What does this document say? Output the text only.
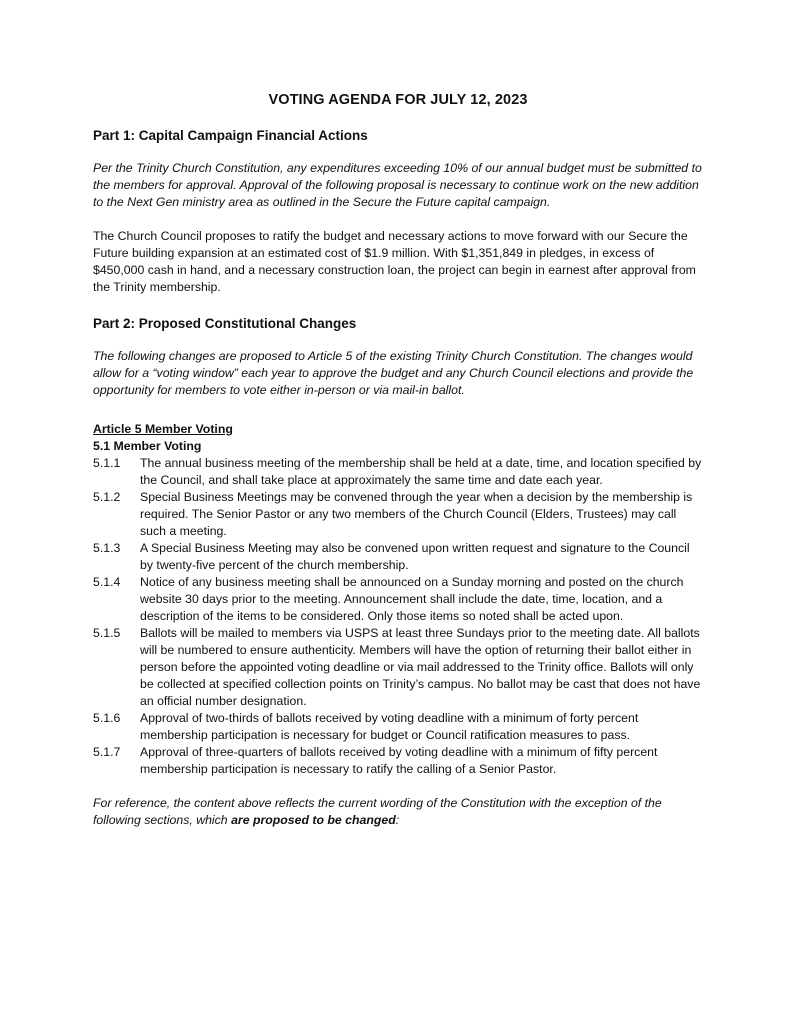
VOTING AGENDA FOR JULY 12, 2023
Part 1: Capital Campaign Financial Actions

Per the Trinity Church Constitution, any expenditures exceeding 10% of our annual budget must be submitted to the members for approval. Approval of the following proposal is necessary to continue work on the new addition to the Next Gen ministry area as outlined in the Secure the Future capital campaign.

The Church Council proposes to ratify the budget and necessary actions to move forward with our Secure the Future building expansion at an estimated cost of $1.9 million. With $1,351,849 in pledges, in excess of $450,000 cash in hand, and a necessary construction loan, the project can begin in earnest after approval from the Trinity membership.

Part 2: Proposed Constitutional Changes

The following changes are proposed to Article 5 of the existing Trinity Church Constitution. The changes would allow for a “voting window” each year to approve the budget and any Church Council elections and provide the opportunity for members to vote either in-person or via mail-in ballot.

Article 5 Member Voting
5.1 Member Voting
5.1.1	The annual business meeting of the membership shall be held at a date, time, and location specified by the Council, and shall take place at approximately the same time and date each year.
5.1.2	Special Business Meetings may be convened through the year when a decision by the membership is required. The Senior Pastor or any two members of the Church Council (Elders, Trustees) may call such a meeting.
5.1.3	A Special Business Meeting may also be convened upon written request and signature to the Council by twenty-five percent of the church membership.
5.1.4	Notice of any business meeting shall be announced on a Sunday morning and posted on the church website 30 days prior to the meeting. Announcement shall include the date, time, location, and a description of the items to be considered. Only those items so noted shall be acted upon.
5.1.5	Ballots will be mailed to members via USPS at least three Sundays prior to the meeting date. All ballots will be numbered to ensure authenticity. Members will have the option of returning their ballot either in person before the appointed voting deadline or via mail addressed to the Trinity office. Ballots will only be collected at specified collection points on Trinity’s campus. No ballot may be cast that does not have an official number designation.
5.1.6	Approval of two-thirds of ballots received by voting deadline with a minimum of forty percent membership participation is necessary for budget or Council ratification measures to pass.
5.1.7	Approval of three-quarters of ballots received by voting deadline with a minimum of fifty percent membership participation is necessary to ratify the calling of a Senior Pastor.

For reference, the content above reflects the current wording of the Constitution with the exception of the following sections, which are proposed to be changed:
